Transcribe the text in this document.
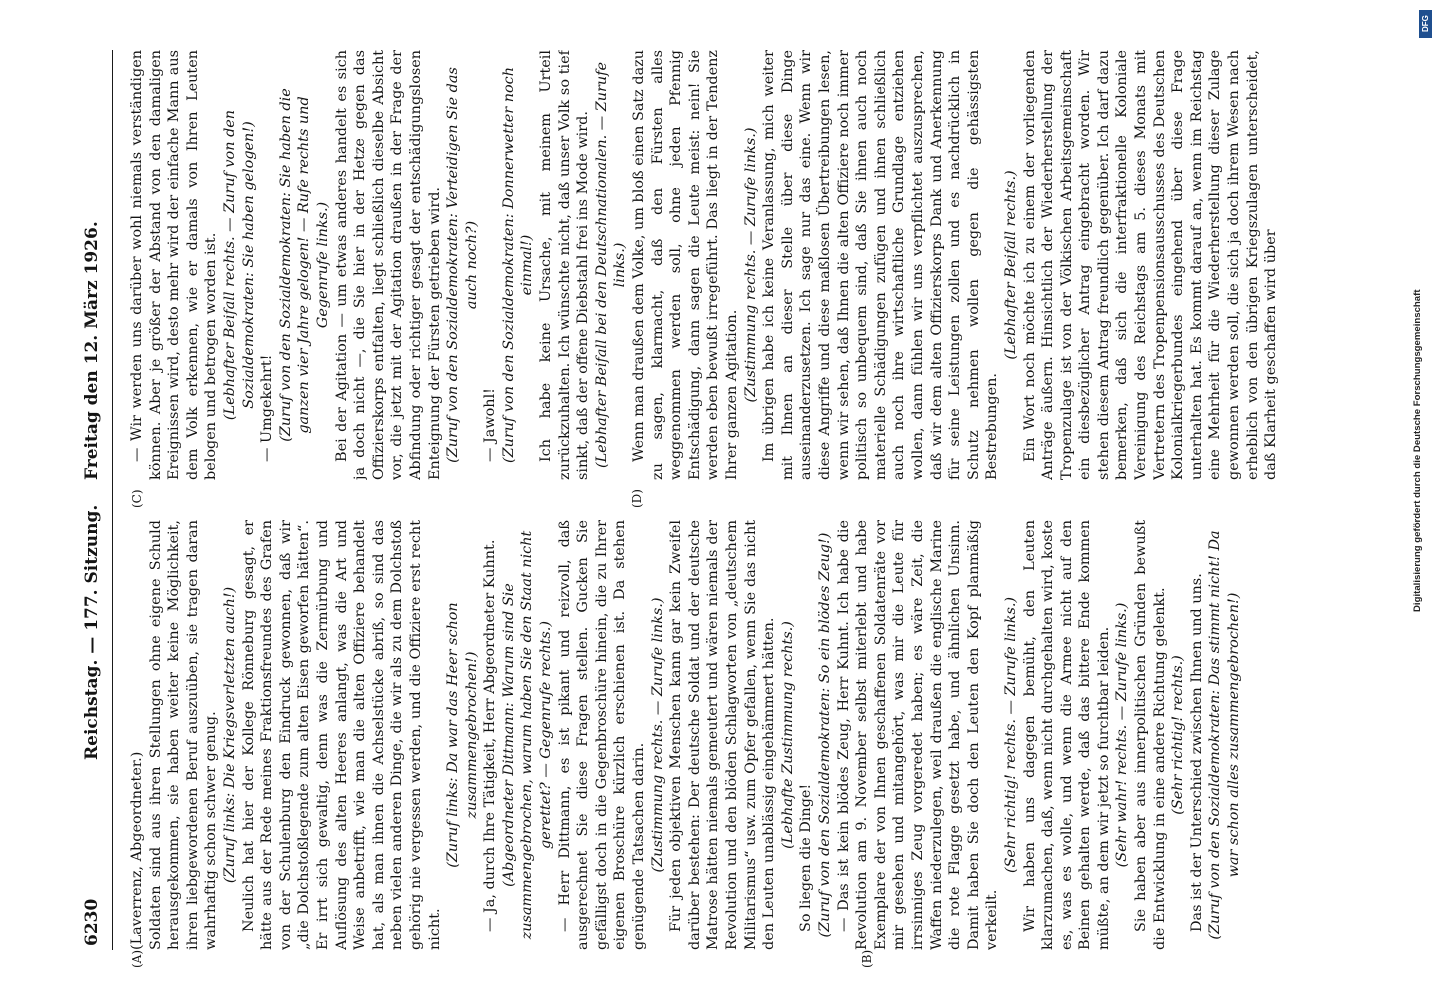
6230
Reichstag. — 177. Sitzung.
Freitag den 12. März 1926.
(A)	(B)
(C)	(D)

(Laverrenz, Abgeordneter.) Soldaten sind aus ihren Stellungen ohne eigene Schuld herausgekommen, sie haben weiter keine Möglichkeit, ihren liebgewordenen Beruf auszuüben, sie tragen daran wahrhaftig schon schwer genug. (Zuruf links: Die Kriegsverletzten auch!) Neulich hat hier der Kollege Rönneburg gesagt, er hätte aus der Rede meines Fraktionsfreundes des Grafen von der Schulenburg den Eindruck gewonnen, daß wir „die Dolchstoßlegende zum alten Eisen geworfen hätten“. Er irrt sich gewaltig, denn was die Zermürbung und Auflösung des alten Heeres anlangt, was die Art und Weise anbetrifft, wie man die alten Offiziere behandelt hat, als man ihnen die Achselstücke abriß, so sind das neben vielen anderen Dinge, die wir als zu dem Dolchstoß gehörig nie vergessen werden, und die Offiziere erst recht nicht.

(Zuruf links: Da war das Heer schon zusammengebrochen!) — Ja, durch Ihre Tätigkeit, Herr Abgeordneter Kuhnt. (Abgeordneter Dittmann: Warum sind Sie zusammengebrochen, warum haben Sie den Staat nicht gerettet? — Gegenrufe rechts.) — Herr Dittmann, es ist pikant und reizvoll, daß ausgerechnet Sie diese Fragen stellen. Gucken Sie gefälligst doch in die Gegenbroschüre hinein, die zu Ihrer eigenen Broschüre kürzlich erschienen ist. Da stehen genügende Tatsachen darin. (Zustimmung rechts. — Zurufe links.) Für jeden objektiven Menschen kann gar kein Zweifel darüber bestehen: Der deutsche Soldat und der deutsche Matrose hätten niemals gemeutert und wären niemals der Revolution und den blöden Schlagworten von „deutschem Militarismus“ usw. zum Opfer gefallen, wenn Sie das nicht den Leuten unablässig eingehämmert hätten. (Lebhafte Zustimmung rechts.)

So liegen die Dinge! (Zuruf von den Sozialdemokraten: So ein blödes Zeug!) — Das ist kein blödes Zeug, Herr Kuhnt. Ich habe die Revolution am 9. November selbst miterlebt und habe Exemplare der von Ihnen geschaffenen Soldatenräte vor mir gesehen und mitangehört, was mir die Leute für irrsinniges Zeug vorgeredet haben; es wäre Zeit, die Waffen niederzulegen, weil draußen die englische Marine die rote Flagge gesetzt habe, und ähnlichen Unsinn. Damit haben Sie doch den Leuten den Kopf planmäßig verkeilt.

(Sehr richtig! rechts. — Zurufe links.) Wir haben uns dagegen bemüht, den Leuten klarzumachen, daß, wenn nicht durchgehalten wird, koste es, was es wolle, und wenn die Armee nicht auf den Beinen gehalten werde, daß das bittere Ende kommen müßte, an dem wir jetzt so furchtbar leiden. (Sehr wahr! rechts. — Zurufe links.) Sie haben aber aus innerpolitischen Gründen bewußt die Entwicklung in eine andere Richtung gelenkt. (Sehr richtig! rechts.) Das ist der Unterschied zwischen Ihnen und uns. (Zuruf von den Sozialdemokraten: Das stimmt nicht! Da war schon alles zusammengebrochen!)

— Wir werden uns darüber wohl niemals verständigen können. Aber je größer der Abstand von den damaligen Ereignissen wird, desto mehr wird der einfache Mann aus dem Volk erkennen, wie er damals von Ihren Leuten belogen und betrogen worden ist. (Lebhafter Beifall rechts. — Zuruf von den Sozialdemokraten: Sie haben gelogen!) — Umgekehrt! (Zuruf von den Sozialdemokraten: Sie haben die ganzen vier Jahre gelogen! — Rufe rechts und Gegenrufe links.) Bei der Agitation — um etwas anderes handelt es sich ja doch nicht —, die Sie hier in der Hetze gegen das Offizierskorps entfalten, liegt schließlich dieselbe Absicht vor, die jetzt mit der Agitation draußen in der Frage der Abfindung oder richtiger gesagt der entschädigungslosen Enteignung der Fürsten getrieben wird. (Zuruf von den Sozialdemokraten: Verteidigen Sie das auch noch?)

— Jawohl! (Zuruf von den Sozialdemokraten: Donnerwetter noch einmal!) Ich habe keine Ursache, mit meinem Urteil zurückzuhalten. Ich wünschte nicht, daß unser Volk so tief sinkt, daß der offene Diebstahl frei ins Mode wird. (Lebhafter Beifall bei den Deutschnationalen. — Zurufe links.) Wenn man draußen dem Volke, um bloß einen Satz dazu zu sagen, klarmacht, daß den Fürsten alles weggenommen werden soll, ohne jeden Pfennig Entschädigung, dann sagen die Leute meist: nein! Sie werden eben bewußt irregeführt. Das liegt in der Tendenz Ihrer ganzen Agitation. (Zustimmung rechts. — Zurufe links.) Im übrigen habe ich keine Veranlassung, mich weiter mit Ihnen an dieser Stelle über diese Dinge auseinanderzusetzen. Ich sage nur das eine. Wenn wir diese Angriffe und diese maßlosen Übertreibungen lesen, wenn wir sehen, daß Ihnen die alten Offiziere noch immer politisch so unbequem sind, daß Sie ihnen auch noch materielle Schädigungen zufügen und ihnen schließlich auch noch ihre wirtschaftliche Grundlage entziehen wollen, dann fühlen wir uns verpflichtet auszusprechen, daß wir dem alten Offizierskorps Dank und Anerkennung für seine Leistungen zollen und es nachdrücklich in Schutz nehmen wollen gegen die gehässigsten Bestrebungen.

(Lebhafter Beifall rechts.) Ein Wort noch möchte ich zu einem der vorliegenden Anträge äußern. Hinsichtlich der Wiederherstellung der Tropenzulage ist von der Völkischen Arbeitsgemeinschaft ein diesbezüglicher Antrag eingebracht worden. Wir stehen diesem Antrag freundlich gegenüber. Ich darf dazu bemerken, daß sich die interfraktionelle Koloniale Vereinigung des Reichstags am 5. dieses Monats mit Vertretern des Tropenpensionsausschusses des Deutschen Kolonialkriegerbundes eingehend über diese Frage unterhalten hat. Es kommt darauf an, wenn im Reichstag eine Mehrheit für die Wiederherstellung dieser Zulage gewonnen werden soll, die sich ja doch ihrem Wesen nach erheblich von den übrigen Kriegszulagen unterscheidet, daß Klarheit geschaffen wird über	Digitalisierung gefördert durch die Deutsche Forschungsgemeinschaft
DFG
